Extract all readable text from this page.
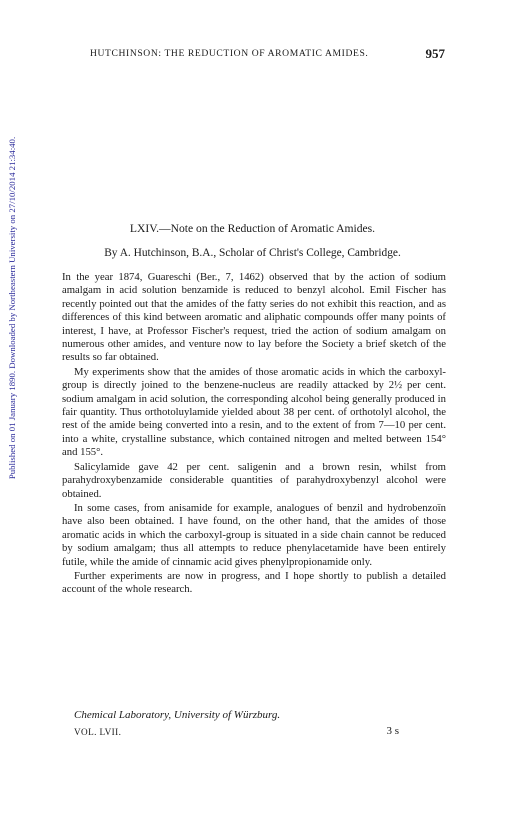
Published on 01 January 1890. Downloaded by Northeastern University on 27/10/2014 21:34:40.
HUTCHINSON: THE REDUCTION OF AROMATIC AMIDES.	957
LXIV.—Note on the Reduction of Aromatic Amides.
By A. Hutchinson, B.A., Scholar of Christ's College, Cambridge.

In the year 1874, Guareschi (Ber., 7, 1462) observed that by the action of sodium amalgam in acid solution benzamide is reduced to benzyl alcohol. Emil Fischer has recently pointed out that the amides of the fatty series do not exhibit this reaction, and as differences of this kind between aromatic and aliphatic compounds offer many points of interest, I have, at Professor Fischer's request, tried the action of sodium amalgam on numerous other amides, and venture now to lay before the Society a brief sketch of the results so far obtained.

My experiments show that the amides of those aromatic acids in which the carboxyl-group is directly joined to the benzene-nucleus are readily attacked by 2½ per cent. sodium amalgam in acid solution, the corresponding alcohol being generally produced in fair quantity. Thus orthotoluylamide yielded about 38 per cent. of orthotolyl alcohol, the rest of the amide being converted into a resin, and to the extent of from 7—10 per cent. into a white, crystalline substance, which contained nitrogen and melted between 154° and 155°.

Salicylamide gave 42 per cent. saligenin and a brown resin, whilst from parahydroxybenzamide considerable quantities of parahydroxybenzyl alcohol were obtained.

In some cases, from anisamide for example, analogues of benzil and hydrobenzoïn have also been obtained. I have found, on the other hand, that the amides of those aromatic acids in which the carboxyl-group is situated in a side chain cannot be reduced by sodium amalgam; thus all attempts to reduce phenylacetamide have been entirely futile, while the amide of cinnamic acid gives phenylpropionamide only.

Further experiments are now in progress, and I hope shortly to publish a detailed account of the whole research.

Chemical Laboratory, University of Würzburg.
VOL. LVII.	3 s
